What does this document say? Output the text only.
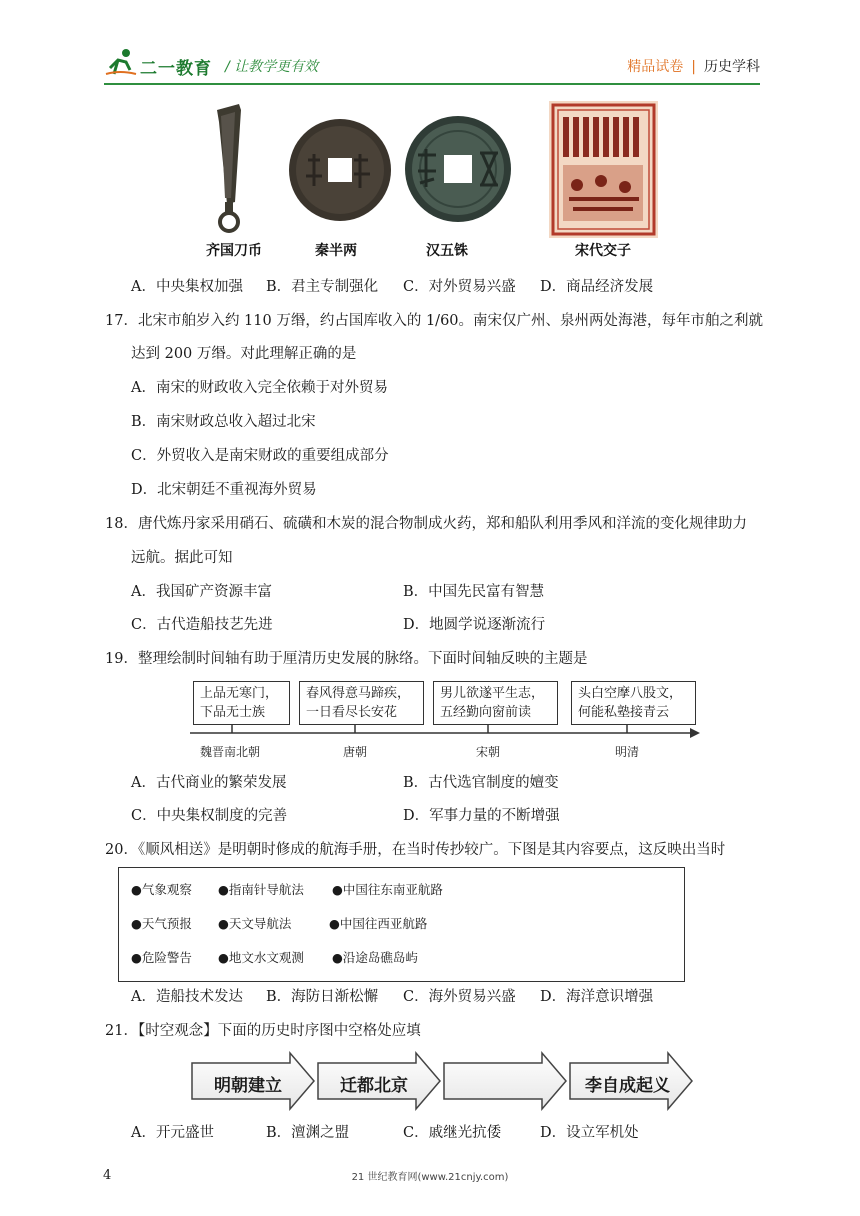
二一教育 / 让教学更有效	精品试卷 | 历史学科
齐国刀币	秦半两	汉五铢	宋代交子
A．中央集权加强 B．君主专制强化 C．对外贸易兴盛 D．商品经济发展
17．北宋市舶岁入约 110 万缗，约占国库收入的 1/60。南宋仅广州、泉州两处海港，每年市舶之利就
达到 200 万缗。对此理解正确的是
A．南宋的财政收入完全依赖于对外贸易
B．南宋财政总收入超过北宋
C．外贸收入是南宋财政的重要组成部分
D．北宋朝廷不重视海外贸易
18．唐代炼丹家采用硝石、硫磺和木炭的混合物制成火药，郑和船队利用季风和洋流的变化规律助力
远航。据此可知
A．我国矿产资源丰富	B．中国先民富有智慧
C．古代造船技艺先进	D．地圆学说逐渐流行
19．整理绘制时间轴有助于厘清历史发展的脉络。下面时间轴反映的主题是
上品无寒门，
下品无士族
春风得意马蹄疾，
一日看尽长安花
男儿欲遂平生志，
五经勤向窗前读
头白空摩八股文，
何能私塾接青云
魏晋南北朝	唐朝	宋朝	明清
A．古代商业的繁荣发展	B．古代选官制度的嬗变
C．中央集权制度的完善	D．军事力量的不断增强
20．《顺风相送》是明朝时修成的航海手册，在当时传抄较广。下图是其内容要点，这反映出当时
●气象观察 ●指南针导航法 ●中国往东南亚航路
●天气预报 ●天文导航法	●中国往西亚航路
●危险警告 ●地文水文观测 ●沿途岛礁岛屿
A．造船技术发达 B．海防日渐松懈 C．海外贸易兴盛 D．海洋意识增强
21．【时空观念】下面的历史时序图中空格处应填
明朝建立	迁都北京	李自成起义
A．开元盛世	B．澶渊之盟	C．戚继光抗倭	D．设立军机处
4	21 世纪教育网(www.21cnjy.com)
